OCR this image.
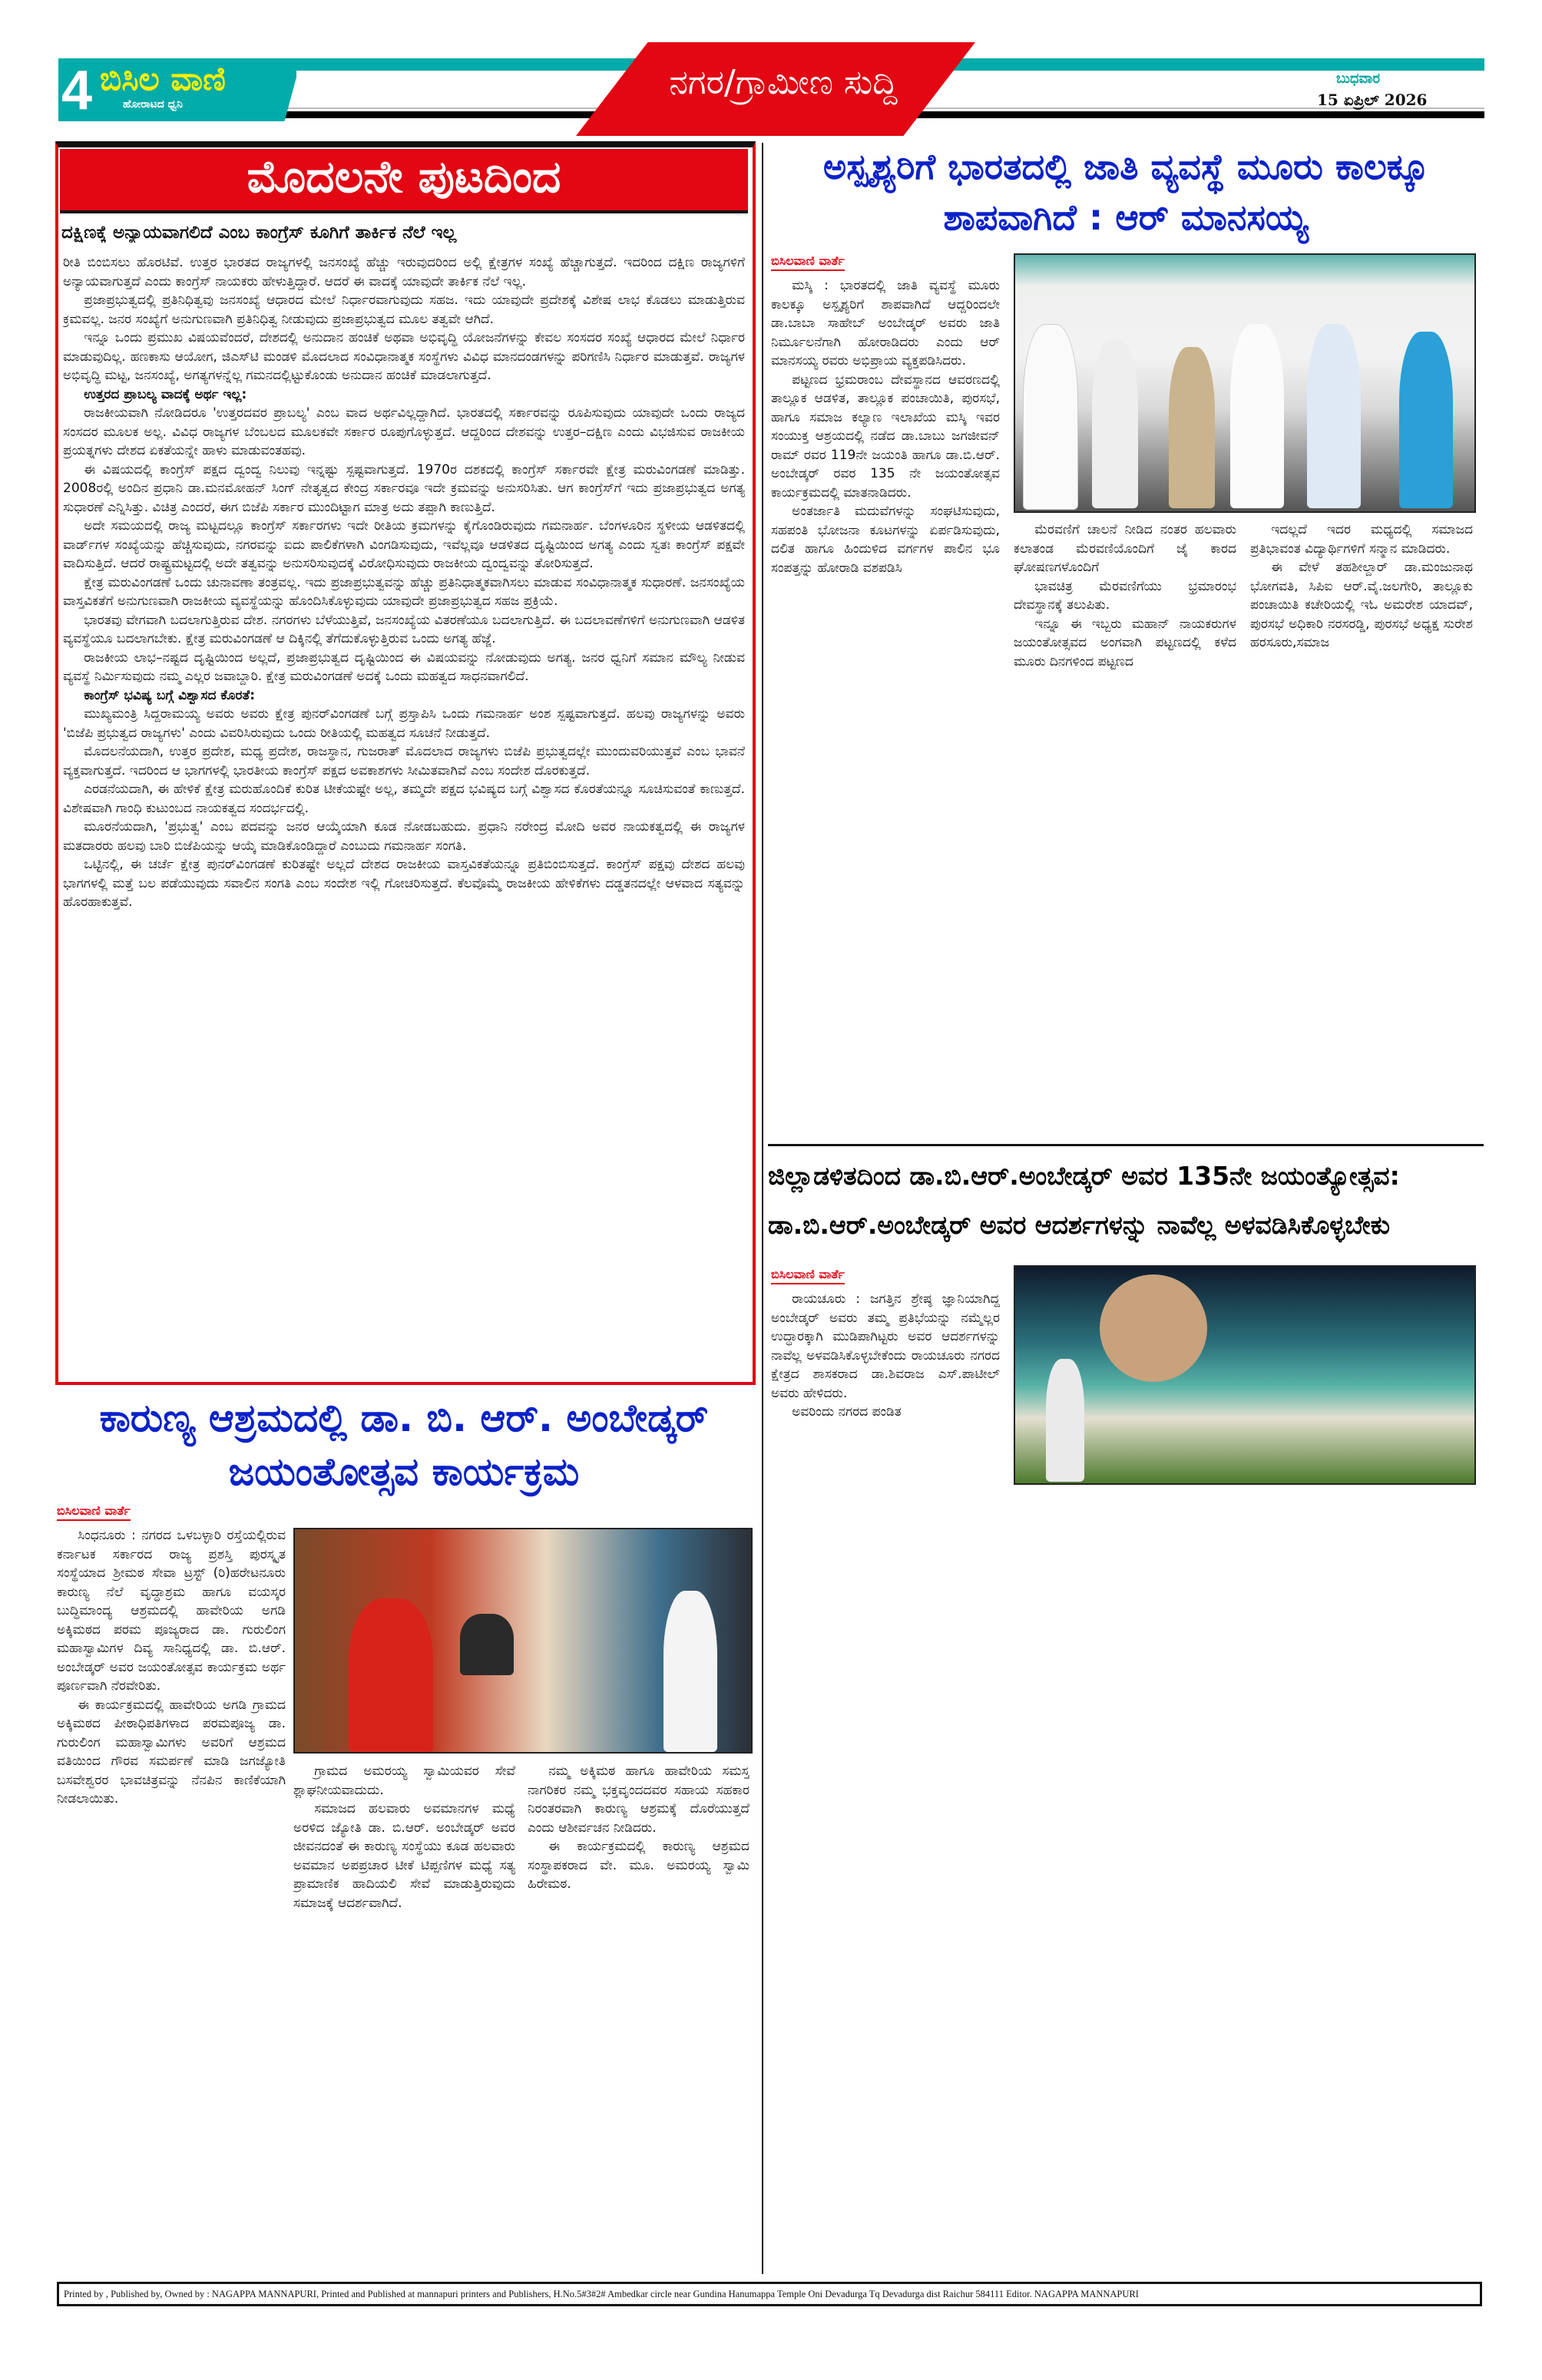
4 ಬಿಸಿಲ ವಾಣಿ
ಹೋರಾಟದ ಧ್ವನಿ
ನಗರ/ಗ್ರಾಮೀಣ ಸುದ್ದಿ	ಬುಧವಾರ
15 ಏಪ್ರಿಲ್ 2026
ಮೊದಲನೇ ಪುಟದಿಂದ
ದಕ್ಷಿಣಕ್ಕೆ ಅನ್ಯಾಯವಾಗಲಿದೆ ಎಂಬ ಕಾಂಗ್ರೆಸ್ ಕೂಗಿಗೆ ತಾರ್ಕಿಕ ನೆಲೆ ಇಲ್ಲ

ರೀತಿ ಬಿಂಬಿಸಲು ಹೊರಟಿವೆ. ಉತ್ತರ ಭಾರತದ ರಾಜ್ಯಗಳಲ್ಲಿ ಜನಸಂಖ್ಯೆ ಹೆಚ್ಚು ಇರುವುದರಿಂದ ಅಲ್ಲಿ ಕ್ಷೇತ್ರಗಳ ಸಂಖ್ಯೆ ಹೆಚ್ಚಾಗುತ್ತದೆ. ಇದರಿಂದ ದಕ್ಷಿಣ ರಾಜ್ಯಗಳಿಗೆ ಅನ್ಯಾಯವಾಗುತ್ತದೆ ಎಂದು ಕಾಂಗ್ರೆಸ್ ನಾಯಕರು ಹೇಳುತ್ತಿದ್ದಾರೆ. ಆದರೆ ಈ ವಾದಕ್ಕೆ ಯಾವುದೇ ತಾರ್ಕಿಕ ನೆಲೆ ಇಲ್ಲ.

ಪ್ರಜಾಪ್ರಭುತ್ವದಲ್ಲಿ ಪ್ರತಿನಿಧಿತ್ವವು ಜನಸಂಖ್ಯೆ ಆಧಾರದ ಮೇಲೆ ನಿರ್ಧಾರವಾಗುವುದು ಸಹಜ. ಇದು ಯಾವುದೇ ಪ್ರದೇಶಕ್ಕೆ ವಿಶೇಷ ಲಾಭ ಕೊಡಲು ಮಾಡುತ್ತಿರುವ ಕ್ರಮವಲ್ಲ. ಜನರ ಸಂಖ್ಯೆಗೆ ಅನುಗುಣವಾಗಿ ಪ್ರತಿನಿಧಿತ್ವ ನೀಡುವುದು ಪ್ರಜಾಪ್ರಭುತ್ವದ ಮೂಲ ತತ್ವವೇ ಆಗಿದೆ.

ಇನ್ನೂ ಒಂದು ಪ್ರಮುಖ ವಿಷಯವೆಂದರೆ, ದೇಶದಲ್ಲಿ ಅನುದಾನ ಹಂಚಿಕೆ ಅಥವಾ ಅಭಿವೃದ್ಧಿ ಯೋಜನೆಗಳನ್ನು ಕೇವಲ ಸಂಸದರ ಸಂಖ್ಯೆ ಆಧಾರದ ಮೇಲೆ ನಿರ್ಧಾರ ಮಾಡುವುದಿಲ್ಲ. ಹಣಕಾಸು ಆಯೋಗ, ಜಿಎಸ್‌ಟಿ ಮಂಡಳಿ ಮೊದಲಾದ ಸಂವಿಧಾನಾತ್ಮಕ ಸಂಸ್ಥೆಗಳು ವಿವಿಧ ಮಾನದಂಡಗಳನ್ನು ಪರಿಗಣಿಸಿ ನಿರ್ಧಾರ ಮಾಡುತ್ತವೆ. ರಾಜ್ಯಗಳ ಅಭಿವೃದ್ಧಿ ಮಟ್ಟ, ಜನಸಂಖ್ಯೆ, ಅಗತ್ಯಗಳನ್ನೆಲ್ಲ ಗಮನದಲ್ಲಿಟ್ಟುಕೊಂಡು ಅನುದಾನ ಹಂಚಿಕೆ ಮಾಡಲಾಗುತ್ತದೆ.

ಉತ್ತರದ ಪ್ರಾಬಲ್ಯ ವಾದಕ್ಕೆ ಅರ್ಥ ಇಲ್ಲ:

ರಾಜಕೀಯವಾಗಿ ನೋಡಿದರೂ 'ಉತ್ತರದವರ ಪ್ರಾಬಲ್ಯ' ಎಂಬ ವಾದ ಅರ್ಥವಿಲ್ಲದ್ದಾಗಿದೆ. ಭಾರತದಲ್ಲಿ ಸರ್ಕಾರವನ್ನು ರೂಪಿಸುವುದು ಯಾವುದೇ ಒಂದು ರಾಜ್ಯದ ಸಂಸದರ ಮೂಲಕ ಅಲ್ಲ. ವಿವಿಧ ರಾಜ್ಯಗಳ ಬೆಂಬಲದ ಮೂಲಕವೇ ಸರ್ಕಾರ ರೂಪುಗೊಳ್ಳುತ್ತದೆ. ಆದ್ದರಿಂದ ದೇಶವನ್ನು ಉತ್ತರ–ದಕ್ಷಿಣ ಎಂದು ವಿಭಜಿಸುವ ರಾಜಕೀಯ ಪ್ರಯತ್ನಗಳು ದೇಶದ ಏಕತೆಯನ್ನೇ ಹಾಳು ಮಾಡುವಂತಹವು.

ಈ ವಿಷಯದಲ್ಲಿ ಕಾಂಗ್ರೆಸ್ ಪಕ್ಷದ ದ್ವಂದ್ವ ನಿಲುವು ಇನ್ನಷ್ಟು ಸ್ಪಷ್ಟವಾಗುತ್ತದೆ. 1970ರ ದಶಕದಲ್ಲಿ ಕಾಂಗ್ರೆಸ್ ಸರ್ಕಾರವೇ ಕ್ಷೇತ್ರ ಮರುವಿಂಗಡಣೆ ಮಾಡಿತ್ತು. 2008ರಲ್ಲಿ ಅಂದಿನ ಪ್ರಧಾನಿ ಡಾ.ಮನಮೋಹನ್ ಸಿಂಗ್ ನೇತೃತ್ವದ ಕೇಂದ್ರ ಸರ್ಕಾರವೂ ಇದೇ ಕ್ರಮವನ್ನು ಅನುಸರಿಸಿತು. ಆಗ ಕಾಂಗ್ರೆಸ್‌ಗೆ ಇದು ಪ್ರಜಾಪ್ರಭುತ್ವದ ಅಗತ್ಯ ಸುಧಾರಣೆ ಎನ್ನಿಸಿತ್ತು. ವಿಚಿತ್ರ ಎಂದರೆ, ಈಗ ಬಿಜೆಪಿ ಸರ್ಕಾರ ಮುಂದಿಟ್ಟಾಗ ಮಾತ್ರ ಅದು ತಪ್ಪಾಗಿ ಕಾಣುತ್ತಿದೆ.

ಅದೇ ಸಮಯದಲ್ಲಿ ರಾಜ್ಯ ಮಟ್ಟದಲ್ಲೂ ಕಾಂಗ್ರೆಸ್ ಸರ್ಕಾರಗಳು ಇದೇ ರೀತಿಯ ಕ್ರಮಗಳನ್ನು ಕೈಗೊಂಡಿರುವುದು ಗಮನಾರ್ಹ. ಬೆಂಗಳೂರಿನ ಸ್ಥಳೀಯ ಆಡಳಿತದಲ್ಲಿ ವಾರ್ಡ್‌ಗಳ ಸಂಖ್ಯೆಯನ್ನು ಹೆಚ್ಚಿಸುವುದು, ನಗರವನ್ನು ಐದು ಪಾಲಿಕೆಗಳಾಗಿ ವಿಂಗಡಿಸುವುದು, ಇವೆಲ್ಲವೂ ಆಡಳಿತದ ದೃಷ್ಟಿಯಿಂದ ಅಗತ್ಯ ಎಂದು ಸ್ವತಃ ಕಾಂಗ್ರೆಸ್ ಪಕ್ಷವೇ ವಾದಿಸುತ್ತಿದೆ. ಆದರೆ ರಾಷ್ಟ್ರಮಟ್ಟದಲ್ಲಿ ಅದೇ ತತ್ವವನ್ನು ಅನುಸರಿಸುವುದಕ್ಕೆ ವಿರೋಧಿಸುವುದು ರಾಜಕೀಯ ದ್ವಂದ್ವವನ್ನು ತೋರಿಸುತ್ತದೆ.

ಕ್ಷೇತ್ರ ಮರುವಿಂಗಡಣೆ ಒಂದು ಚುನಾವಣಾ ತಂತ್ರವಲ್ಲ. ಇದು ಪ್ರಜಾಪ್ರಭುತ್ವವನ್ನು ಹೆಚ್ಚು ಪ್ರತಿನಿಧಾತ್ಮಕವಾಗಿಸಲು ಮಾಡುವ ಸಂವಿಧಾನಾತ್ಮಕ ಸುಧಾರಣೆ. ಜನಸಂಖ್ಯೆಯ ವಾಸ್ತವಿಕತೆಗೆ ಅನುಗುಣವಾಗಿ ರಾಜಕೀಯ ವ್ಯವಸ್ಥೆಯನ್ನು ಹೊಂದಿಸಿಕೊಳ್ಳುವುದು ಯಾವುದೇ ಪ್ರಜಾಪ್ರಭುತ್ವದ ಸಹಜ ಪ್ರಕ್ರಿಯೆ.

ಭಾರತವು ವೇಗವಾಗಿ ಬದಲಾಗುತ್ತಿರುವ ದೇಶ. ನಗರಗಳು ಬೆಳೆಯುತ್ತಿವೆ, ಜನಸಂಖ್ಯೆಯ ವಿತರಣೆಯೂ ಬದಲಾಗುತ್ತಿದೆ. ಈ ಬದಲಾವಣೆಗಳಿಗೆ ಅನುಗುಣವಾಗಿ ಆಡಳಿತ ವ್ಯವಸ್ಥೆಯೂ ಬದಲಾಗಬೇಕು. ಕ್ಷೇತ್ರ ಮರುವಿಂಗಡಣೆ ಆ ದಿಕ್ಕಿನಲ್ಲಿ ತೆಗೆದುಕೊಳ್ಳುತ್ತಿರುವ ಒಂದು ಅಗತ್ಯ ಹೆಜ್ಜೆ.

ರಾಜಕೀಯ ಲಾಭ–ನಷ್ಟದ ದೃಷ್ಟಿಯಿಂದ ಅಲ್ಲದೆ, ಪ್ರಜಾಪ್ರಭುತ್ವದ ದೃಷ್ಟಿಯಿಂದ ಈ ವಿಷಯವನ್ನು ನೋಡುವುದು ಅಗತ್ಯ. ಜನರ ಧ್ವನಿಗೆ ಸಮಾನ ಮೌಲ್ಯ ನೀಡುವ ವ್ಯವಸ್ಥೆ ನಿರ್ಮಿಸುವುದು ನಮ್ಮ ಎಲ್ಲರ ಜವಾಬ್ದಾರಿ. ಕ್ಷೇತ್ರ ಮರುವಿಂಗಡಣೆ ಅದಕ್ಕೆ ಒಂದು ಮಹತ್ವದ ಸಾಧನವಾಗಲಿದೆ.

ಕಾಂಗ್ರೆಸ್ ಭವಿಷ್ಯ ಬಗ್ಗೆ ವಿಶ್ವಾಸದ ಕೊರತೆ:

ಮುಖ್ಯಮಂತ್ರಿ ಸಿದ್ದರಾಮಯ್ಯ ಅವರು ಅವರು ಕ್ಷೇತ್ರ ಪುನರ್‌ವಿಂಗಡಣೆ ಬಗ್ಗೆ ಪ್ರಸ್ತಾಪಿಸಿ ಒಂದು ಗಮನಾರ್ಹ ಅಂಶ ಸ್ಪಷ್ಟವಾಗುತ್ತದೆ. ಹಲವು ರಾಜ್ಯಗಳನ್ನು ಅವರು 'ಬಿಜೆಪಿ ಪ್ರಭುತ್ವದ ರಾಜ್ಯಗಳು' ಎಂದು ವಿವರಿಸಿರುವುದು ಒಂದು ರೀತಿಯಲ್ಲಿ ಮಹತ್ವದ ಸೂಚನೆ ನೀಡುತ್ತದೆ.

ಮೊದಲನೆಯದಾಗಿ, ಉತ್ತರ ಪ್ರದೇಶ, ಮಧ್ಯ ಪ್ರದೇಶ, ರಾಜಸ್ಥಾನ, ಗುಜರಾತ್ ಮೊದಲಾದ ರಾಜ್ಯಗಳು ಬಿಜೆಪಿ ಪ್ರಭುತ್ವದಲ್ಲೇ ಮುಂದುವರಿಯುತ್ತವೆ ಎಂಬ ಭಾವನೆ ವ್ಯಕ್ತವಾಗುತ್ತದೆ. ಇದರಿಂದ ಆ ಭಾಗಗಳಲ್ಲಿ ಭಾರತೀಯ ಕಾಂಗ್ರೆಸ್ ಪಕ್ಷದ ಅವಕಾಶಗಳು ಸೀಮಿತವಾಗಿವೆ ಎಂಬ ಸಂದೇಶ ದೊರಕುತ್ತದೆ.

ಎರಡನೆಯದಾಗಿ, ಈ ಹೇಳಿಕೆ ಕ್ಷೇತ್ರ ಮರುಹೊಂದಿಕೆ ಕುರಿತ ಟೀಕೆಯಷ್ಟೇ ಅಲ್ಲ, ತಮ್ಮದೇ ಪಕ್ಷದ ಭವಿಷ್ಯದ ಬಗ್ಗೆ ವಿಶ್ವಾಸದ ಕೊರತೆಯನ್ನೂ ಸೂಚಿಸುವಂತೆ ಕಾಣುತ್ತದೆ. ವಿಶೇಷವಾಗಿ ಗಾಂಧಿ ಕುಟುಂಬದ ನಾಯಕತ್ವದ ಸಂದರ್ಭದಲ್ಲಿ.

ಮೂರನೆಯದಾಗಿ, 'ಪ್ರಭುತ್ವ' ಎಂಬ ಪದವನ್ನು ಜನರ ಆಯ್ಕೆಯಾಗಿ ಕೂಡ ನೋಡಬಹುದು. ಪ್ರಧಾನಿ ನರೇಂದ್ರ ಮೋದಿ ಅವರ ನಾಯಕತ್ವದಲ್ಲಿ ಈ ರಾಜ್ಯಗಳ ಮತದಾರರು ಹಲವು ಬಾರಿ ಬಿಜೆಪಿಯನ್ನು ಆಯ್ಕೆ ಮಾಡಿಕೊಂಡಿದ್ದಾರೆ ಎಂಬುದು ಗಮನಾರ್ಹ ಸಂಗತಿ.

ಒಟ್ಟಿನಲ್ಲಿ, ಈ ಚರ್ಚೆ ಕ್ಷೇತ್ರ ಪುನರ್‌ವಿಂಗಡಣೆ ಕುರಿತಷ್ಟೇ ಅಲ್ಲದೆ ದೇಶದ ರಾಜಕೀಯ ವಾಸ್ತವಿಕತೆಯನ್ನೂ ಪ್ರತಿಬಿಂಬಿಸುತ್ತದೆ. ಕಾಂಗ್ರೆಸ್ ಪಕ್ಷವು ದೇಶದ ಹಲವು ಭಾಗಗಳಲ್ಲಿ ಮತ್ತೆ ಬಲ ಪಡೆಯುವುದು ಸವಾಲಿನ ಸಂಗತಿ ಎಂಬ ಸಂದೇಶ ಇಲ್ಲಿ ಗೋಚರಿಸುತ್ತದೆ. ಕೆಲವೊಮ್ಮೆ ರಾಜಕೀಯ ಹೇಳಿಕೆಗಳು ದಡ್ಡತನದಲ್ಲೇ ಆಳವಾದ ಸತ್ಯವನ್ನು ಹೊರಹಾಕುತ್ತವೆ.

ಕಾರುಣ್ಯ ಆಶ್ರಮದಲ್ಲಿ ಡಾ. ಬಿ. ಆರ್. ಅಂಬೇಡ್ಕರ್ ಜಯಂತೋತ್ಸವ ಕಾರ್ಯಕ್ರಮ
ಬಿಸಿಲವಾಣಿ ವಾರ್ತೆ

ಸಿಂಧನೂರು : ನಗರದ ಒಳಬಳ್ಳಾರಿ ರಸ್ತೆಯಲ್ಲಿರುವ ಕರ್ನಾಟಕ ಸರ್ಕಾರದ ರಾಜ್ಯ ಪ್ರಶಸ್ತಿ ಪುರಸ್ಕೃತ ಸಂಸ್ಥೆಯಾದ ಶ್ರೀಮಠ ಸೇವಾ ಟ್ರಸ್ಟ್ (ರಿ)ಹರೇಟನೂರು ಕಾರುಣ್ಯ ನೆಲೆ ವೃದ್ಧಾಶ್ರಮ ಹಾಗೂ ವಯಸ್ಕರ ಬುದ್ಧಿಮಾಂದ್ಯ ಆಶ್ರಮದಲ್ಲಿ ಹಾವೇರಿಯ ಅಗಡಿ ಅಕ್ಕಿಮಠದ ಪರಮ ಪೂಜ್ಯರಾದ ಡಾ. ಗುರುಲಿಂಗ ಮಹಾಸ್ವಾಮಿಗಳ ದಿವ್ಯ ಸಾನಿಧ್ಯದಲ್ಲಿ ಡಾ. ಬಿ.ಆರ್. ಅಂಬೇಡ್ಕರ್ ಅವರ ಜಯಂತೋತ್ಸವ ಕಾರ್ಯಕ್ರಮ ಅರ್ಥ ಪೂರ್ಣವಾಗಿ ನೆರವೇರಿತು.

ಈ ಕಾರ್ಯಕ್ರಮದಲ್ಲಿ ಹಾವೇರಿಯ ಅಗಡಿ ಗ್ರಾಮದ ಅಕ್ಕಿಮಠದ ಪೀಠಾಧಿಪತಿಗಳಾದ ಪರಮಪೂಜ್ಯ ಡಾ. ಗುರುಲಿಂಗ ಮಹಾಸ್ವಾಮಿಗಳು ಅವರಿಗೆ ಆಶ್ರಮದ ವತಿಯಿಂದ ಗೌರವ ಸಮರ್ಪಣೆ ಮಾಡಿ ಜಗಜ್ಯೋತಿ ಬಸವೇಶ್ವರರ ಭಾವಚಿತ್ರವನ್ನು ನೆನಪಿನ ಕಾಣಿಕೆಯಾಗಿ ನೀಡಲಾಯಿತು.

ಗ್ರಾಮದ ಅಮರಯ್ಯ ಸ್ವಾಮಿಯವರ ಸೇವೆ ಶ್ಲಾಘನೀಯವಾದುದು.

ಸಮಾಜದ ಹಲವಾರು ಅವಮಾನಗಳ ಮಧ್ಯೆ ಅರಳಿದ ಜ್ಯೋತಿ ಡಾ. ಬಿ.ಆರ್. ಅಂಬೇಡ್ಕರ್ ಅವರ ಜೀವನದಂತೆ ಈ ಕಾರುಣ್ಯ ಸಂಸ್ಥೆಯು ಕೂಡ ಹಲವಾರು ಅವಮಾನ ಅಪಪ್ರಚಾರ ಟೀಕೆ ಟಿಪ್ಪಣಿಗಳ ಮಧ್ಯೆ ಸತ್ಯ ಪ್ರಾಮಾಣಿಕ ಹಾದಿಯಲಿ ಸೇವೆ ಮಾಡುತ್ತಿರುವುದು ಸಮಾಜಕ್ಕೆ ಆದರ್ಶವಾಗಿದೆ.

ನಮ್ಮ ಅಕ್ಕಿಮಠ ಹಾಗೂ ಹಾವೇರಿಯ ಸಮಸ್ತ ನಾಗರಿಕರ ನಮ್ಮ ಭಕ್ತವೃಂದದವರ ಸಹಾಯ ಸಹಕಾರ ನಿರಂತರವಾಗಿ ಕಾರುಣ್ಯ ಆಶ್ರಮಕ್ಕೆ ದೊರೆಯುತ್ತದೆ ಎಂದು ಆಶೀರ್ವಚನ ನೀಡಿದರು.

ಈ ಕಾರ್ಯಕ್ರಮದಲ್ಲಿ ಕಾರುಣ್ಯ ಆಶ್ರಮದ ಸಂಸ್ಥಾಪಕರಾದ ವೇ. ಮೂ. ಅಮರಯ್ಯ ಸ್ವಾಮಿ ಹಿರೇಮಠ.

ಅಸ್ಪೃಶ್ಯರಿಗೆ ಭಾರತದಲ್ಲಿ ಜಾತಿ ವ್ಯವಸ್ಥೆ ಮೂರು ಕಾಲಕ್ಕೂ ಶಾಪವಾಗಿದೆ : ಆರ್ ಮಾನಸಯ್ಯ
ಬಿಸಿಲವಾಣಿ ವಾರ್ತೆ

ಮಸ್ಕಿ : ಭಾರತದಲ್ಲಿ ಜಾತಿ ವ್ಯವಸ್ಥೆ ಮೂರು ಕಾಲಕ್ಕೂ ಅಸ್ಪೃಶ್ಯರಿಗೆ ಶಾಪವಾಗಿದೆ ಆದ್ದರಿಂದಲೇ ಡಾ.ಬಾಬಾ ಸಾಹೇಬ್ ಅಂಬೇಡ್ಕರ್ ಅವರು ಜಾತಿ ನಿರ್ಮೂಲನೆಗಾಗಿ ಹೋರಾಡಿದರು ಎಂದು ಆರ್ ಮಾನಸಯ್ಯ ರವರು ಅಭಿಪ್ರಾಯ ವ್ಯಕ್ತಪಡಿಸಿದರು.

ಪಟ್ಟಣದ ಭ್ರಮರಾಂಬ ದೇವಸ್ಥಾನದ ಆವರಣದಲ್ಲಿ ತಾಲ್ಲೂಕ ಆಡಳಿತ, ತಾಲ್ಲೂಕ ಪಂಚಾಯಿತಿ, ಪುರಸಭೆ, ಹಾಗೂ ಸಮಾಜ ಕಲ್ಯಾಣ ಇಲಾಖೆಯ ಮಸ್ಕಿ ಇವರ ಸಂಯುಕ್ತ ಆಶ್ರಯದಲ್ಲಿ ನಡೆದ ಡಾ.ಬಾಬು ಜಗಜೀವನ್ ರಾಮ್ ರವರ 119ನೇ ಜಯಂತಿ ಹಾಗೂ ಡಾ.ಬಿ.ಆರ್. ಅಂಬೇಡ್ಕರ್ ರವರ 135 ನೇ ಜಯಂತೋತ್ಸವ ಕಾರ್ಯಕ್ರಮದಲ್ಲಿ ಮಾತನಾಡಿದರು.

ಅಂತರ್ಜಾತಿ ಮದುವೆಗಳನ್ನು ಸಂಘಟಿಸುವುದು, ಸಹಪಂತಿ ಭೋಜನಾ ಕೂಟಗಳನ್ನು ಏರ್ಪಡಿಸುವುದು, ದಲಿತ ಹಾಗೂ ಹಿಂದುಳಿದ ವರ್ಗಗಳ ಪಾಲಿನ ಭೂ ಸಂಪತ್ತನ್ನು ಹೋರಾಡಿ ವಶಪಡಿಸಿ

ಮೆರವಣಿಗೆ ಚಾಲನೆ ನೀಡಿದ ನಂತರ ಹಲವಾರು ಕಲಾತಂಡ ಮೆರವಣಿಯೊಂದಿಗೆ ಜೈ ಕಾರದ ಘೋಷಣಗಳೊಂದಿಗೆ

ಭಾವಚಿತ್ರ ಮೆರವಣಿಗೆಯು ಭ್ರಮಾರಂಭ ದೇವಸ್ಥಾನಕ್ಕೆ ತಲುಪಿತು.

ಇನ್ನೂ ಈ ಇಬ್ಬರು ಮಹಾನ್ ನಾಯಕರುಗಳ ಜಯಂತೋತ್ಸವದ ಅಂಗವಾಗಿ ಪಟ್ಟಣದಲ್ಲಿ ಕಳೆದ ಮೂರು ದಿನಗಳಿಂದ ಪಟ್ಟಣದ

ಇದಲ್ಲದೆ ಇದರ ಮಧ್ಯದಲ್ಲಿ ಸಮಾಜದ ಪ್ರತಿಭಾವಂತ ವಿದ್ಯಾರ್ಥಿಗಳಿಗೆ ಸನ್ಮಾನ ಮಾಡಿದರು.

ಈ ವೇಳೆ ತಹಶೀಲ್ದಾರ್ ಡಾ.ಮಂಜುನಾಥ ಭೋಗವತಿ, ಸಿಪಿಐ ಆರ್.ವೈ.ಜಲಗೇರಿ, ತಾಲ್ಲೂಕು ಪಂಚಾಯಿತಿ ಕಚೇರಿಯಲ್ಲಿ ಇಓ ಅಮರೇಶ ಯಾದವ್, ಪುರಸಭೆ ಅಧಿಕಾರಿ ನರಸರಡ್ಡಿ, ಪುರಸಭೆ ಅಧ್ಯಕ್ಷ ಸುರೇಶ ಹರಸೂರು,ಸಮಾಜ

ಜಿಲ್ಲಾಡಳಿತದಿಂದ ಡಾ.ಬಿ.ಆರ್.ಅಂಬೇಡ್ಕರ್ ಅವರ 135ನೇ ಜಯಂತ್ಯೋತ್ಸವ:
ಡಾ.ಬಿ.ಆರ್.ಅಂಬೇಡ್ಕರ್ ಅವರ ಆದರ್ಶಗಳನ್ನು ನಾವೆಲ್ಲ ಅಳವಡಿಸಿಕೊಳ್ಳಬೇಕು
ಬಿಸಿಲವಾಣಿ ವಾರ್ತೆ

ರಾಯಚೂರು : ಜಗತ್ತಿನ ಶ್ರೇಷ್ಠ ಜ್ಞಾನಿಯಾಗಿದ್ದ ಅಂಬೇಡ್ಕರ್ ಅವರು ತಮ್ಮ ಪ್ರತಿಭೆಯನ್ನು ನಮ್ಮೆಲ್ಲರ ಉದ್ಧಾರಕ್ಕಾಗಿ ಮುಡಿಪಾಗಿಟ್ಟರು ಅವರ ಆದರ್ಶಗಳನ್ನು ನಾವೆಲ್ಲ ಅಳವಡಿಸಿಕೊಳ್ಳಬೇಕೆಂದು ರಾಯಚೂರು ನಗರದ ಕ್ಷೇತ್ರದ ಶಾಸಕರಾದ ಡಾ.ಶಿವರಾಜ ಎಸ್.ಪಾಟೀಲ್ ಅವರು ಹೇಳಿದರು.

ಅವರಿಂದು ನಗರದ ಪಂಡಿತ

Printed by , Published by, Owned by : NAGAPPA MANNAPURI, Printed and Published at mannapuri printers and Publishers, H.No.5#3#2# Ambedkar circle near Gundina Hanumappa Temple Oni Devadurga Tq Devadurga dist Raichur 584111 Editor. NAGAPPA MANNAPURI
